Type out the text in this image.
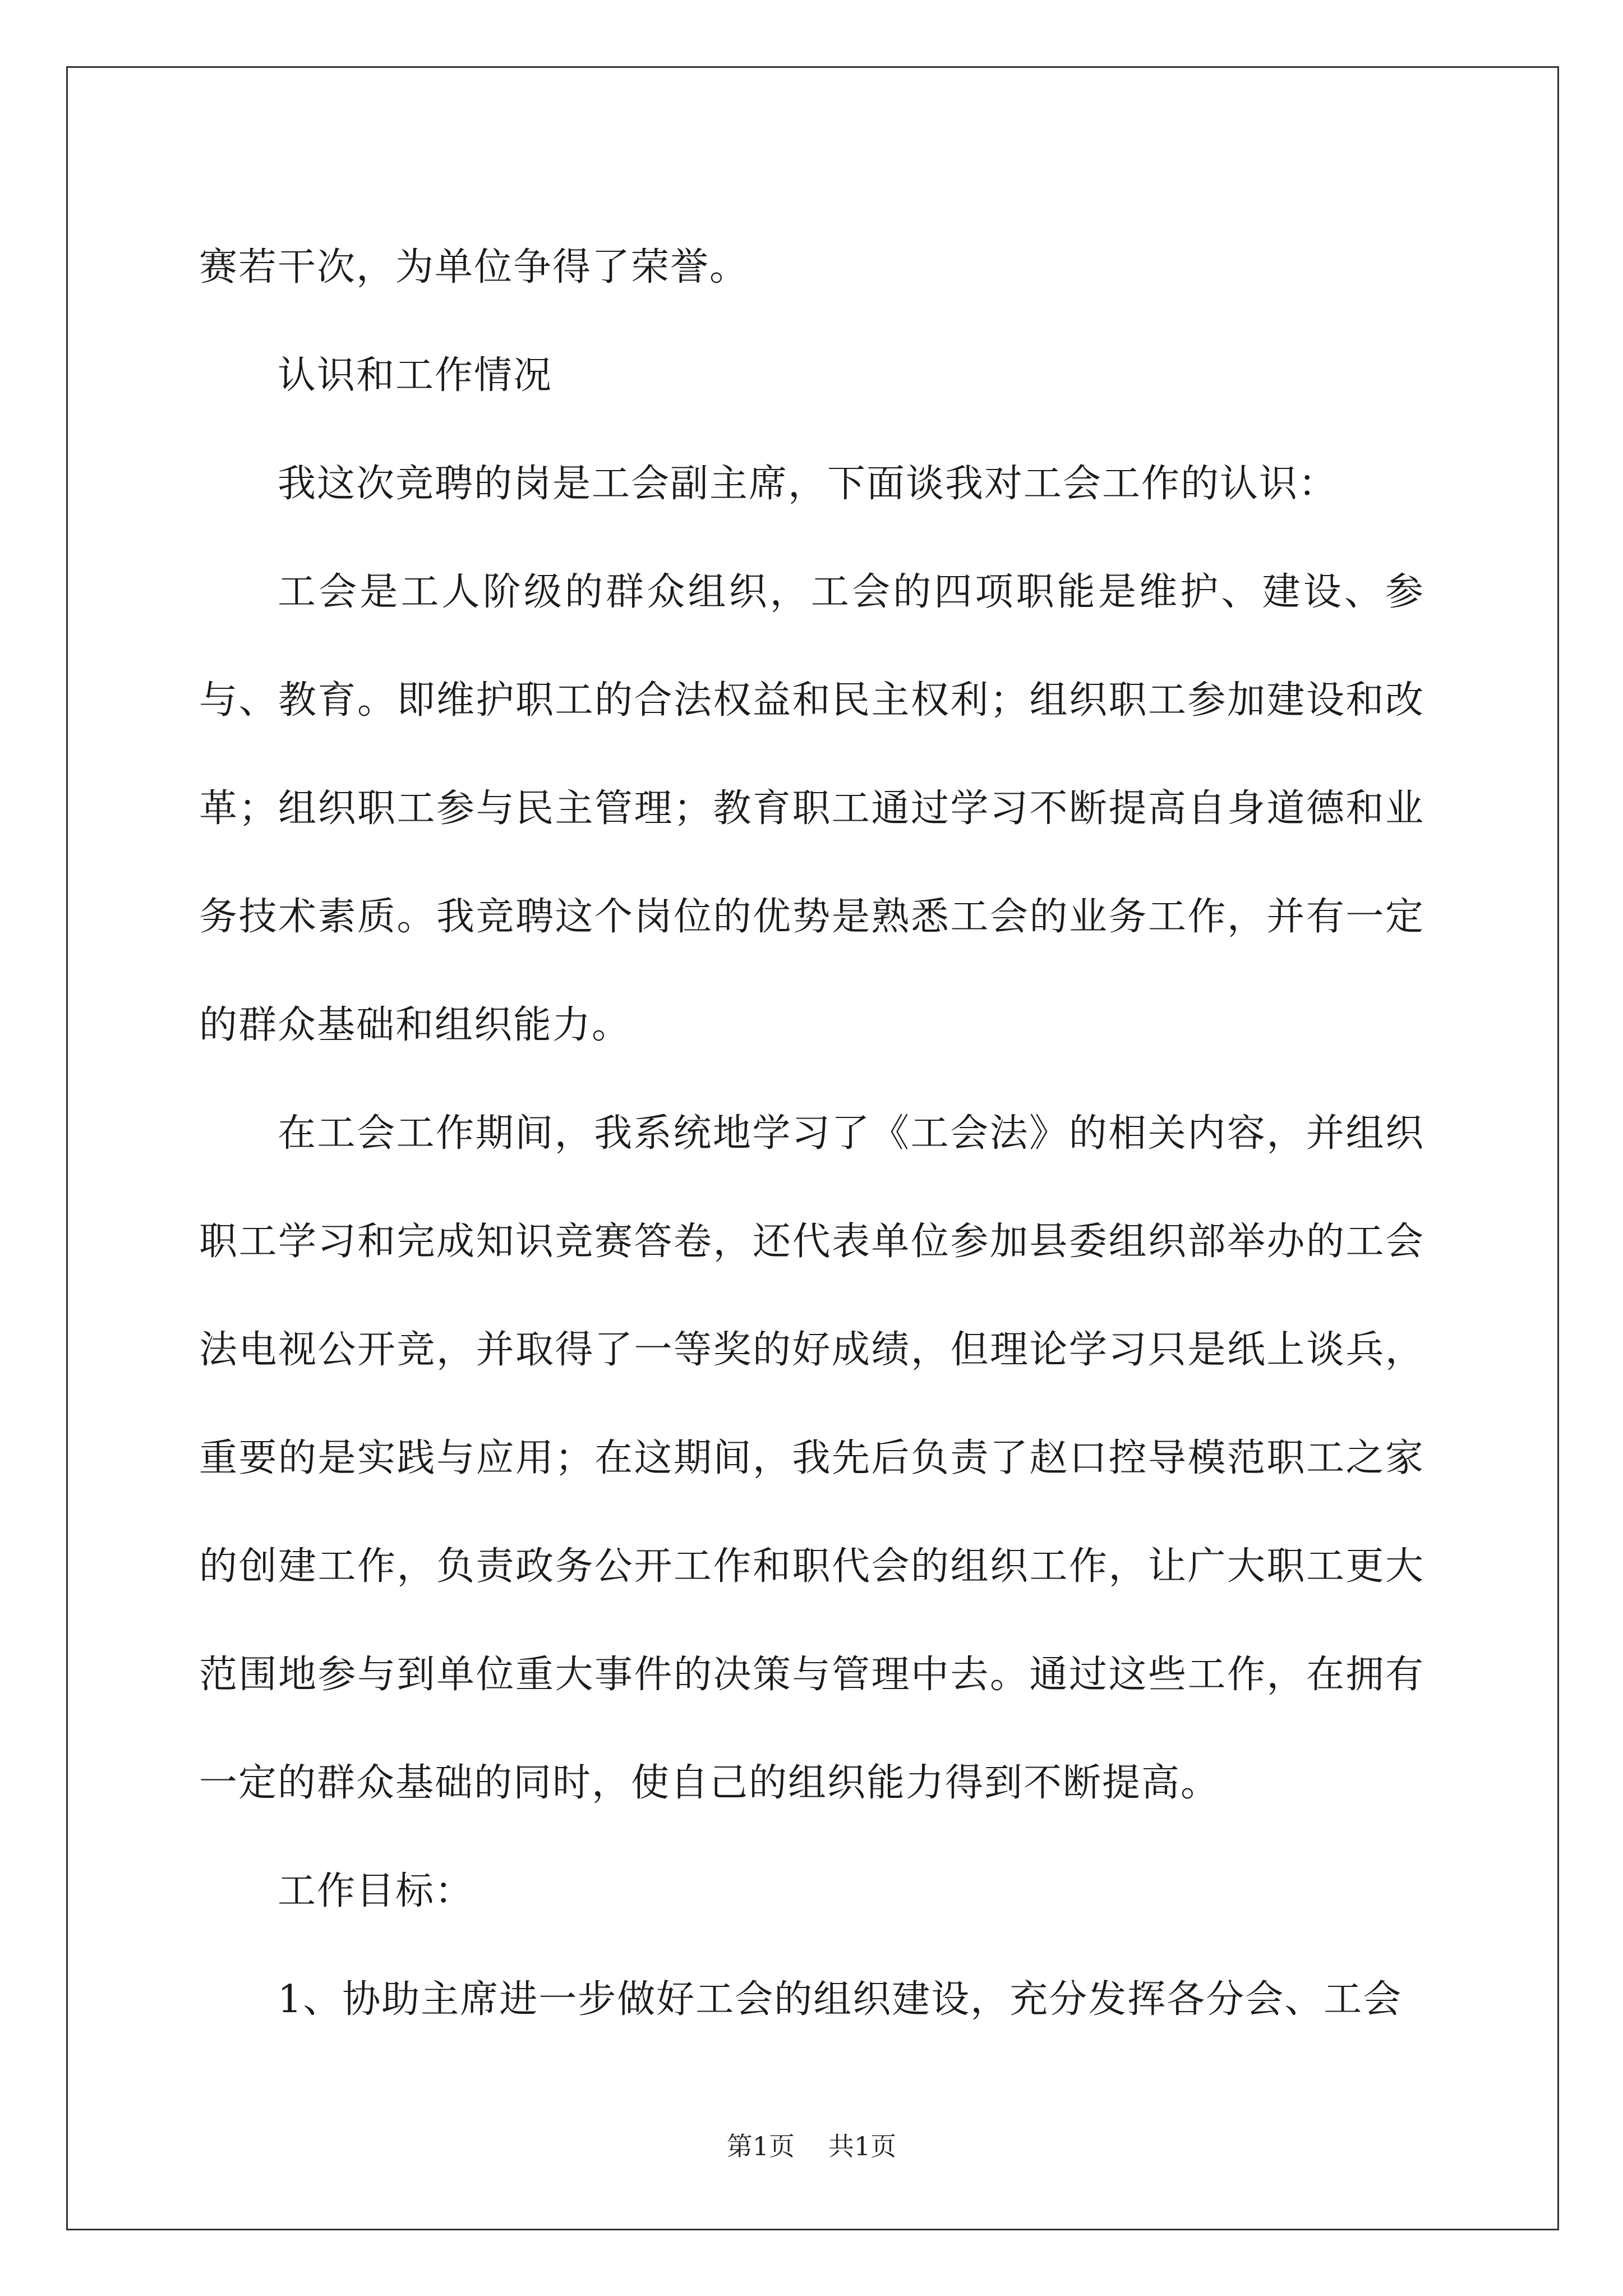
赛若干次，为单位争得了荣誉。

认识和工作情况

我这次竞聘的岗是工会副主席，下面谈我对工会工作的认识：

工会是工人阶级的群众组织，工会的四项职能是维护、建设、参与、教育。即维护职工的合法权益和民主权利；组织职工参加建设和改革；组织职工参与民主管理；教育职工通过学习不断提高自身道德和业务技术素质。我竞聘这个岗位的优势是熟悉工会的业务工作，并有一定的群众基础和组织能力。

在工会工作期间，我系统地学习了《工会法》的相关内容，并组织职工学习和完成知识竞赛答卷，还代表单位参加县委组织部举办的工会法电视公开竞，并取得了一等奖的好成绩，但理论学习只是纸上谈兵，重要的是实践与应用；在这期间，我先后负责了赵口控导模范职工之家的创建工作，负责政务公开工作和职代会的组织工作，让广大职工更大范围地参与到单位重大事件的决策与管理中去。通过这些工作，在拥有一定的群众基础的同时，使自己的组织能力得到不断提高。

工作目标：

1、协助主席进一步做好工会的组织建设，充分发挥各分会、工会

第1页 共1页
